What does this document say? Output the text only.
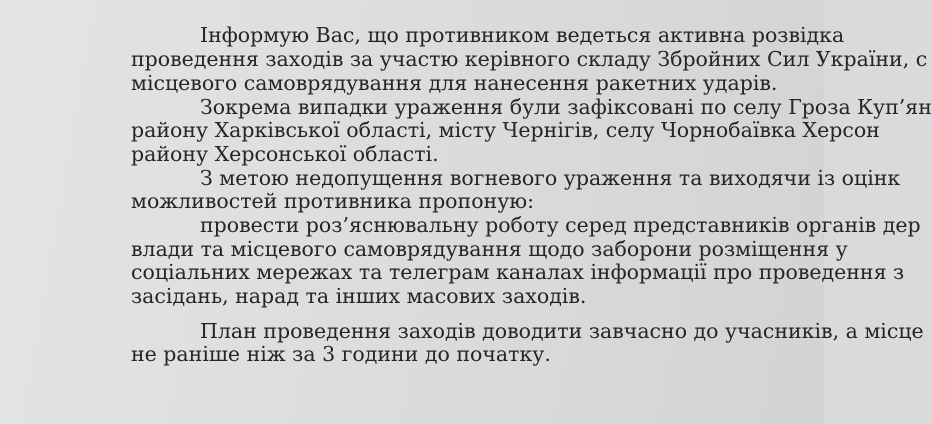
Інформую Вас, що противником ведеться активна розвідка
проведення заходів за участю керівного складу Збройних Сил України, с
місцевого самоврядування для нанесення ракетних ударів.
Зокрема випадки ураження були зафіксовані по селу Гроза Куп’ян
району Харківської області, місту Чернігів, селу Чорнобаївка Херсон
району Херсонської області.
З метою недопущення вогневого ураження та виходячи із оцінк
можливостей противника пропоную:
провести роз’яснювальну роботу серед представників органів дер
влади та місцевого самоврядування щодо заборони розміщення у
соціальних мережах та телеграм каналах інформації про проведення з
засідань, нарад та інших масових заходів.
План проведення заходів доводити завчасно до учасників, а місце
не раніше ніж за 3 години до початку.
